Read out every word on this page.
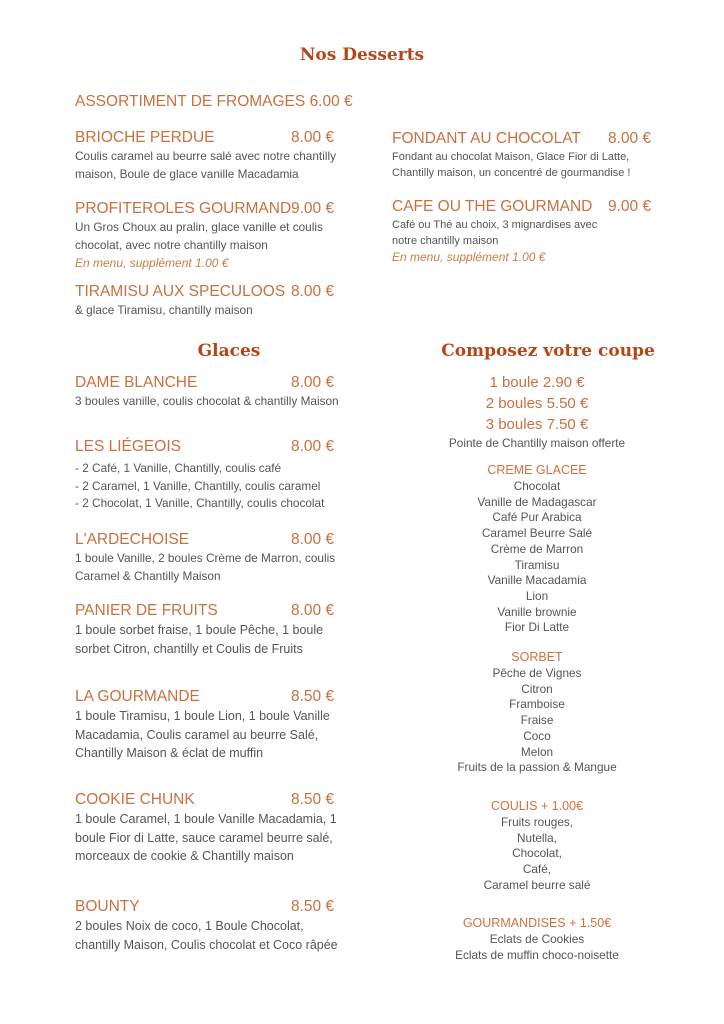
Nos Desserts
ASSORTIMENT DE FROMAGES 6.00 €
BRIOCHE PERDUE	8.00 €
Coulis caramel au beurre salé avec notre chantilly
maison, Boule de glace vanille Macadamia
PROFITEROLES GOURMAND 9.00 €
Un Gros Choux au pralin, glace vanille et coulis
chocolat, avec notre chantilly maison
En menu, supplément 1.00 €
TIRAMISU AUX SPECULOOS 8.00 €
& glace Tiramisu, chantilly maison
FONDANT AU CHOCOLAT 8.00 €
Fondant au chocolat Maison, Glace Fior di Latte,
Chantilly maison, un concentré de gourmandise !
CAFE OU THE GOURMAND 9.00 €
Café ou Thé au choix, 3 mignardises avec
notre chantilly maison
En menu, supplément 1.00 €
Glaces
DAME BLANCHE	8.00 €
3 boules vanille, coulis chocolat & chantilly Maison
LES LIÉGEOIS	8.00 €
- 2 Café, 1 Vanille, Chantilly, coulis café
- 2 Caramel, 1 Vanille, Chantilly, coulis caramel
- 2 Chocolat, 1 Vanille, Chantilly, coulis chocolat
L'ARDECHOISE	8.00 €
1 boule Vanille, 2 boules Crème de Marron, coulis
Caramel & Chantilly Maison
PANIER DE FRUITS	8.00 €
1 boule sorbet fraise, 1 boule Pêche, 1 boule
sorbet Citron, chantilly et Coulis de Fruits
LA GOURMANDE	8.50 €
1 boule Tiramisu, 1 boule Lion, 1 boule Vanille
Macadamia, Coulis caramel au beurre Salé,
Chantilly Maison & éclat de muffin
COOKIE CHUNK	8.50 €
1 boule Caramel, 1 boule Vanille Macadamia, 1
boule Fior di Latte, sauce caramel beurre salé,
morceaux de cookie & Chantilly maison
BOUNTY	8.50 €
2 boules Noix de coco, 1 Boule Chocolat,
chantilly Maison, Coulis chocolat et Coco râpée
Composez votre coupe
1 boule 2.90 €
2 boules 5.50 €
3 boules 7.50 €
Pointe de Chantilly maison offerte
CREME GLACEE
Chocolat
Vanille de Madagascar
Café Pur Arabica
Caramel Beurre Salé
Crème de Marron
Tiramisu
Vanille Macadamia
Lion
Vanille brownie
Fior Di Latte
SORBET
Pêche de Vignes
Citron
Framboise
Fraise
Coco
Melon
Fruits de la passion & Mangue
COULIS + 1.00€
Fruits rouges,
Nutella,
Chocolat,
Café,
Caramel beurre salé
GOURMANDISES + 1.50€
Eclats de Cookies
Eclats de muffin choco-noisette
